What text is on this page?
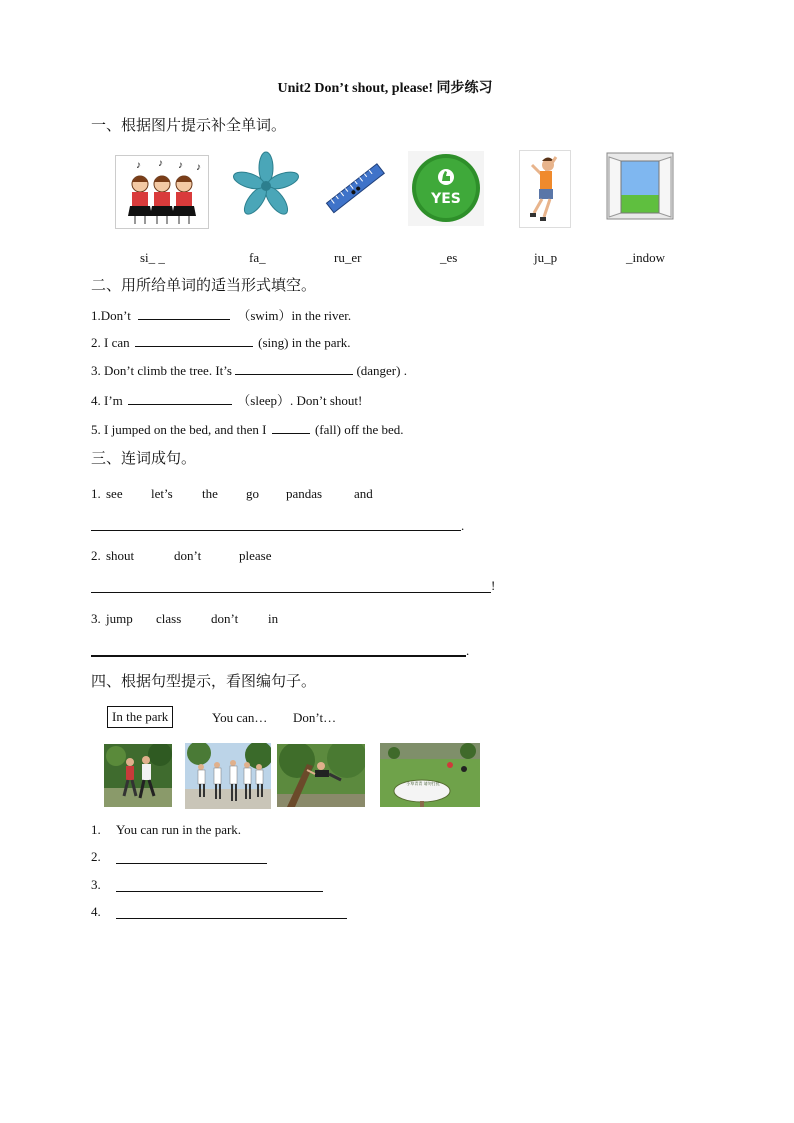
Unit2 Don’t shout, please! 同步练习
一、根据图片提示补全单词。
♪ ♪ ♪ ♪
YES
si_ _	fa_	ru_er	_es	ju_p	_indow
二、用所给单词的适当形式填空。
1.Don’t	（swim）in the river.
2. I can	(sing) in the park.
3. Don’t climb the tree. It’s	(danger) .
4. I’m	（sleep）. Don’t shout!
5. I jumped on the bed, and then I	(fall) off the bed.
三、连词成句。
1. see let’s the go pandas and
.
2. shout	don’t	please
!
3. jump class don’t in
.
四、根据句型提示，看图编句子。
In the park	You can… Don’t…
小草青青 请勿打扰
1. You can run in the park.
2.
3.
4.
